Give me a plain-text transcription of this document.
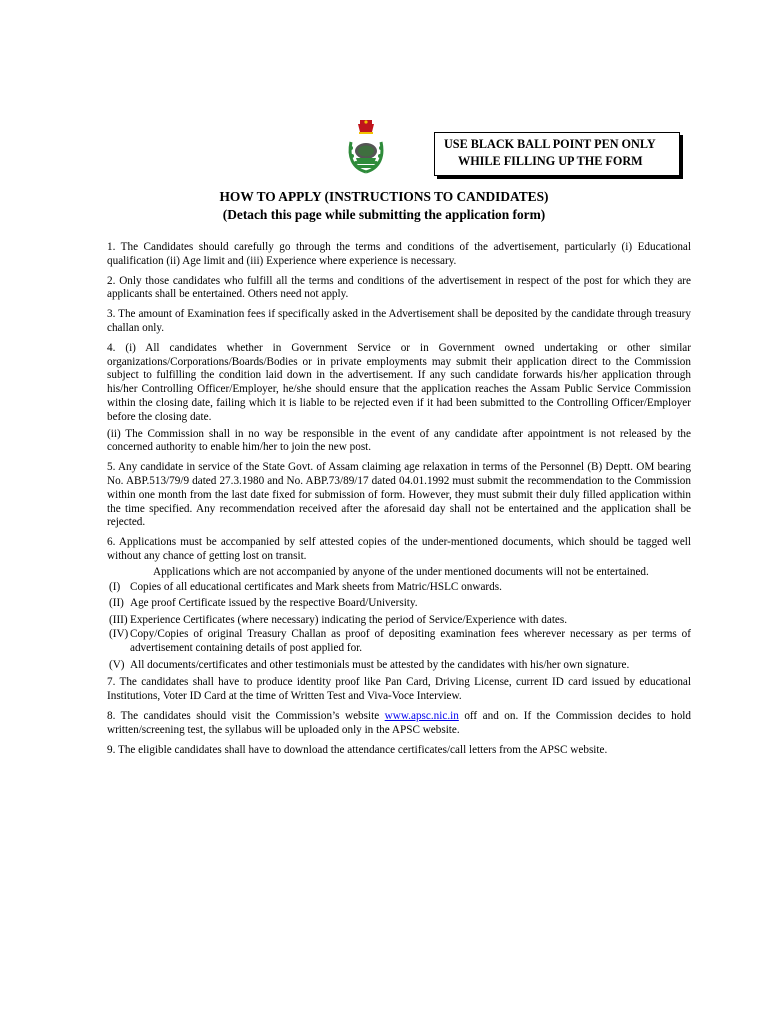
USE BLACK BALL POINT PEN ONLY
WHILE FILLING UP THE FORM
HOW TO APPLY (INSTRUCTIONS TO CANDIDATES)
(Detach this page while submitting the application form)

1. The Candidates should carefully go through the terms and conditions of the advertisement, particularly (i) Educational qualification (ii) Age limit and (iii) Experience where experience is necessary.

2. Only those candidates who fulfill all the terms and conditions of the advertisement in respect of the post for which they are applicants shall be entertained. Others need not apply.

3. The amount of Examination fees if specifically asked in the Advertisement shall be deposited by the candidate through treasury challan only.

4. (i) All candidates whether in Government Service or in Government owned undertaking or other similar organizations/Corporations/Boards/Bodies or in private employments may submit their application direct to the Commission subject to fulfilling the condition laid down in the advertisement. If any such candidate forwards his/her application through his/her Controlling Officer/Employer, he/she should ensure that the application reaches the Assam Public Service Commission within the closing date, failing which it is liable to be rejected even if it had been submitted to the Controlling Officer/Employer before the closing date.

(ii) The Commission shall in no way be responsible in the event of any candidate after appointment is not released by the concerned authority to enable him/her to join the new post.

5. Any candidate in service of the State Govt. of Assam claiming age relaxation in terms of the Personnel (B) Deptt. OM bearing No. ABP.513/79/9 dated 27.3.1980 and No. ABP.73/89/17 dated 04.01.1992 must submit the recommendation to the Commission within one month from the last date fixed for submission of form. However, they must submit their duly filled application within the time specified. Any recommendation received after the aforesaid day shall not be entertained and the application shall be rejected.

6. Applications must be accompanied by self attested copies of the under-mentioned documents, which should be tagged well without any chance of getting lost on transit.

Applications which are not accompanied by anyone of the under mentioned documents will not be entertained.

(I) Copies of all educational certificates and Mark sheets from Matric/HSLC onwards.
(II) Age proof Certificate issued by the respective Board/University.
(III) Experience Certificates (where necessary) indicating the period of Service/Experience with dates.
(IV) Copy/Copies of original Treasury Challan as proof of depositing examination fees wherever necessary as per terms of advertisement containing details of post applied for.
(V) All documents/certificates and other testimonials must be attested by the candidates with his/her own signature.

7. The candidates shall have to produce identity proof like Pan Card, Driving License, current ID card issued by educational Institutions, Voter ID Card at the time of Written Test and Viva-Voce Interview.

8. The candidates should visit the Commission’s website www.apsc.nic.in off and on. If the Commission decides to hold written/screening test, the syllabus will be uploaded only in the APSC website.

9. The eligible candidates shall have to download the attendance certificates/call letters from the APSC website.
